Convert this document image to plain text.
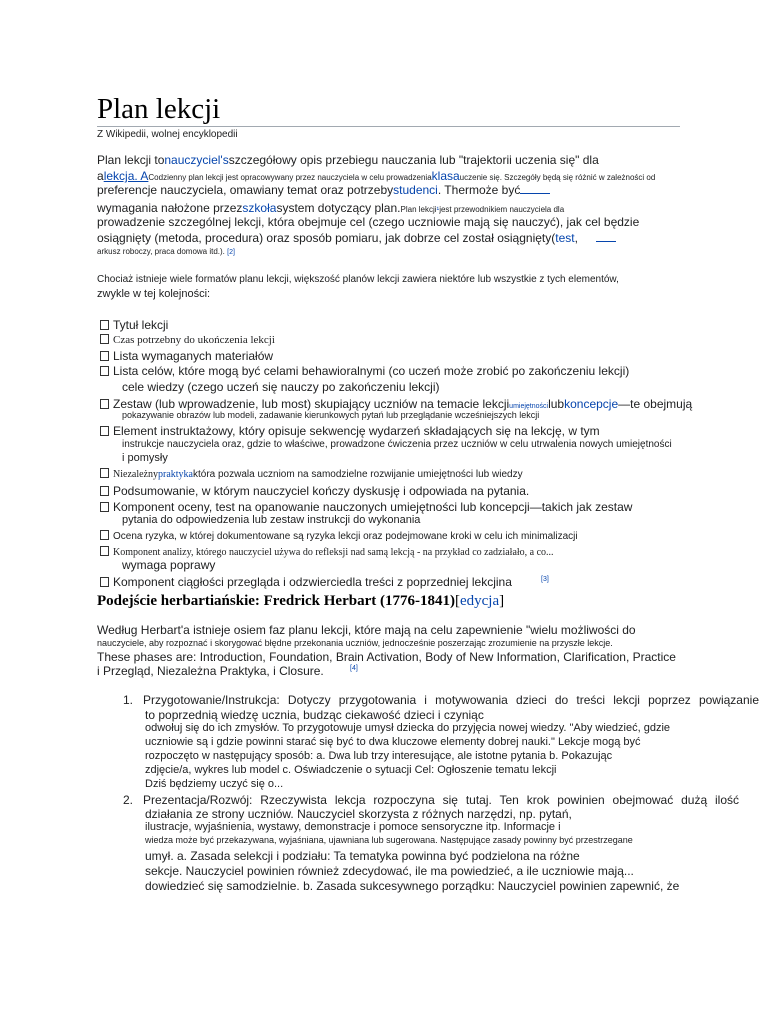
Plan lekcji
Z Wikipedii, wolnej encyklopedii
Plan lekcji tonauczyciel'sszczegółowy opis przebiegu nauczania lub "trajektorii uczenia się" dla
alekcja. ACodzienny plan lekcji jest opracowywany przez nauczyciela w celu prowadzeniaklasauczenie się. Szczegóły będą się różnić w zależności od
preferencje nauczyciela, omawiany temat oraz potrzebystudenci. Thermoże być
wymagania nałożone przezszkołasystem dotyczący plan.Plan lekcji¹jest przewodnikiem nauczyciela dla
prowadzenie szczególnej lekcji, która obejmuje cel (czego uczniowie mają się nauczyć), jak cel będzie
osiągnięty (metoda, procedura) oraz sposób pomiaru, jak dobrze cel został osiągnięty(test,
arkusz roboczy, praca domowa itd.). [2]
Chociaż istnieje wiele formatów planu lekcji, większość planów lekcji zawiera niektóre lub wszystkie z tych elementów,
zwykle w tej kolejności:
Tytuł lekcji
Czas potrzebny do ukończenia lekcji
Lista wymaganych materiałów
Lista celów, które mogą być celami behawioralnymi (co uczeń może zrobić po zakończeniu lekcji)
cele wiedzy (czego uczeń się nauczy po zakończeniu lekcji)
Zestaw (lub wprowadzenie, lub most) skupiający uczniów na temacie lekcjiumiejętnościlubkoncepcje—te obejmują
pokazywanie obrazów lub modeli, zadawanie kierunkowych pytań lub przeglądanie wcześniejszych lekcji
Element instruktażowy, który opisuje sekwencję wydarzeń składających się na lekcję, w tym
instrukcje nauczyciela oraz, gdzie to właściwe, prowadzone ćwiczenia przez uczniów w celu utrwalenia nowych umiejętności
i pomysły
Niezależnypraktykaktóra pozwala uczniom na samodzielne rozwijanie umiejętności lub wiedzy
Podsumowanie, w którym nauczyciel kończy dyskusję i odpowiada na pytania.
Komponent oceny, test na opanowanie nauczonych umiejętności lub koncepcji—takich jak zestaw
pytania do odpowiedzenia lub zestaw instrukcji do wykonania
Ocena ryzyka, w której dokumentowane są ryzyka lekcji oraz podejmowane kroki w celu ich minimalizacji
Komponent analizy, którego nauczyciel używa do refleksji nad samą lekcją - na przykład co zadziałało, a co...
wymaga poprawy
Komponent ciągłości przegląda i odzwierciedla treści z poprzedniej lekcjina	[3]
Podejście herbartiańskie: Fredrick Herbart (1776-1841)[edycja]
Według Herbart'a istnieje osiem faz planu lekcji, które mają na celu zapewnienie "wielu możliwości do
nauczyciele, aby rozpoznać i skorygować błędne przekonania uczniów, jednocześnie poszerzając zrozumienie na przyszłe lekcje.
These phases are: Introduction, Foundation, Brain Activation, Body of New Information, Clarification, Practice
i Przegląd, Niezależna Praktyka, i Closure.	[4]
1. Przygotowanie/Instrukcja: Dotyczy przygotowania i motywowania dzieci do treści lekcji poprzez powiązanie
to poprzednią wiedzę ucznia, budząc ciekawość dzieci i czyniąc
odwołuj się do ich zmysłów. To przygotowuje umysł dziecka do przyjęcia nowej wiedzy. "Aby wiedzieć, gdzie
uczniowie są i gdzie powinni starać się być to dwa kluczowe elementy dobrej nauki." Lekcje mogą być
rozpoczęto w następujący sposób: a. Dwa lub trzy interesujące, ale istotne pytania b. Pokazując
zdjęcie/a, wykres lub model c. Oświadczenie o sytuacji Cel: Ogłoszenie tematu lekcji
Dziś będziemy uczyć się o...
2. Prezentacja/Rozwój: Rzeczywista lekcja rozpoczyna się tutaj. Ten krok powinien obejmować dużą ilość
działania ze strony uczniów. Nauczyciel skorzysta z różnych narzędzi, np. pytań,
ilustracje, wyjaśnienia, wystawy, demonstracje i pomoce sensoryczne itp. Informacje i
wiedza może być przekazywana, wyjaśniana, ujawniana lub sugerowana. Następujące zasady powinny być przestrzegane
umył. a. Zasada selekcji i podziału: Ta tematyka powinna być podzielona na różne
sekcje. Nauczyciel powinien również zdecydować, ile ma powiedzieć, a ile uczniowie mają...
dowiedzieć się samodzielnie. b. Zasada sukcesywnego porządku: Nauczyciel powinien zapewnić, że
